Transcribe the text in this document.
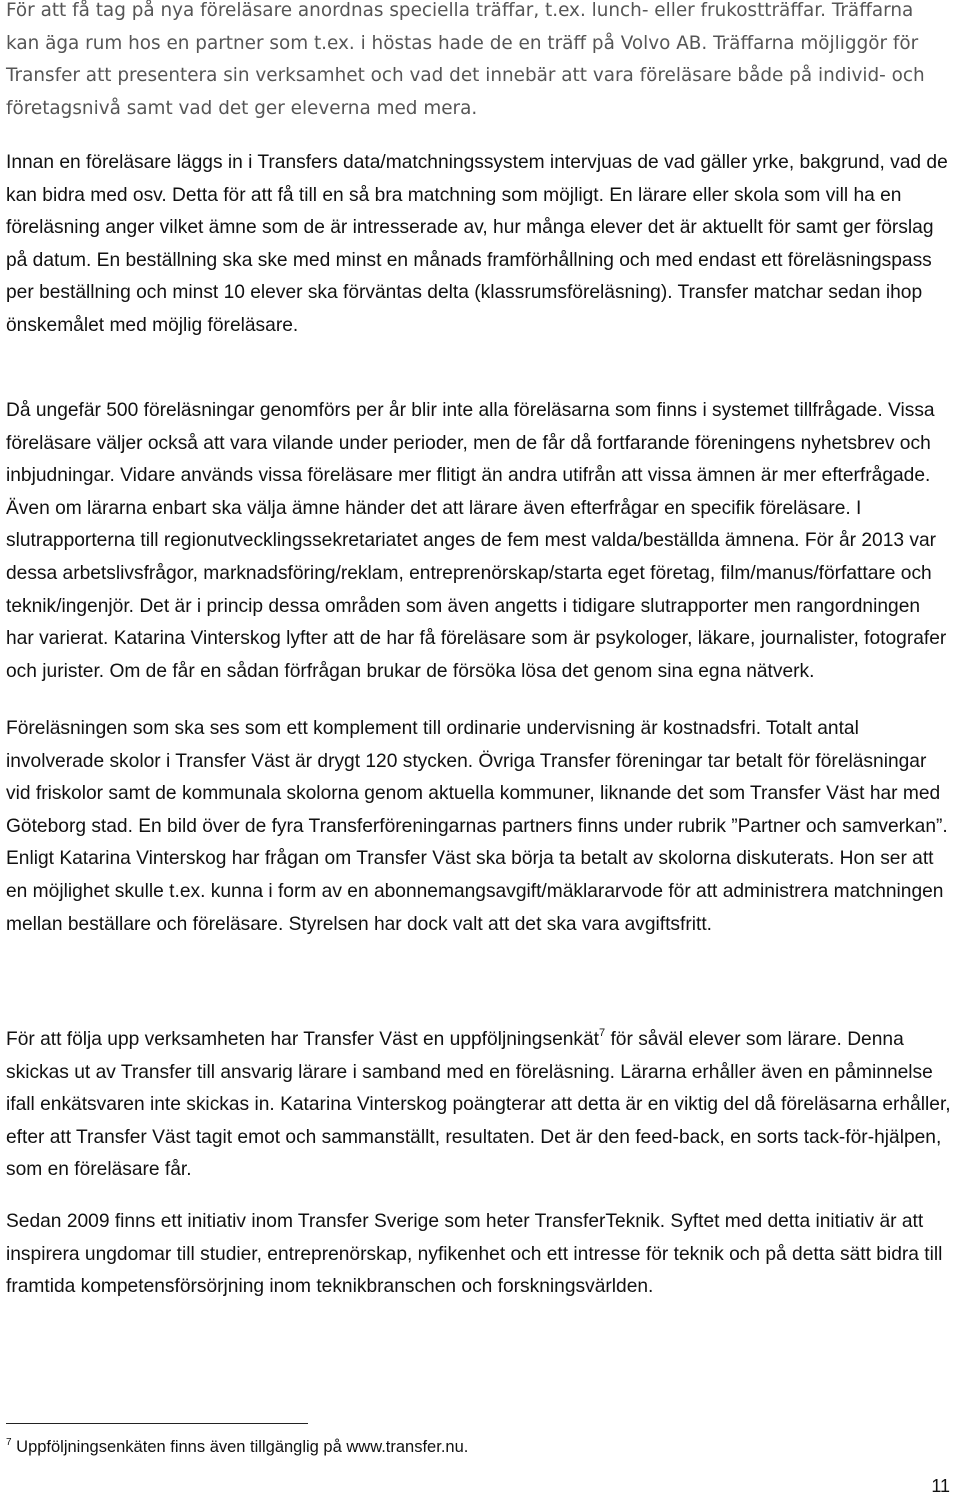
För att få tag på nya föreläsare anordnas speciella träffar, t.ex. lunch- eller frukostträffar. Träffarna kan äga rum hos en partner som t.ex. i höstas hade de en träff på Volvo AB. Träffarna möjliggör för Transfer att presentera sin verksamhet och vad det innebär att vara föreläsare både på individ- och företagsnivå samt vad det ger eleverna med mera.

Innan en föreläsare läggs in i Transfers data/matchningssystem intervjuas de vad gäller yrke, bakgrund, vad de kan bidra med osv. Detta för att få till en så bra matchning som möjligt. En lärare eller skola som vill ha en föreläsning anger vilket ämne som de är intresserade av, hur många elever det är aktuellt för samt ger förslag på datum. En beställning ska ske med minst en månads framförhållning och med endast ett föreläsningspass per beställning och minst 10 elever ska förväntas delta (klassrumsföreläsning). Transfer matchar sedan ihop önskemålet med möjlig föreläsare.

Då ungefär 500 föreläsningar genomförs per år blir inte alla föreläsarna som finns i systemet tillfrågade. Vissa föreläsare väljer också att vara vilande under perioder, men de får då fortfarande föreningens nyhetsbrev och inbjudningar. Vidare används vissa föreläsare mer flitigt än andra utifrån att vissa ämnen är mer efterfrågade. Även om lärarna enbart ska välja ämne händer det att lärare även efterfrågar en specifik föreläsare. I slutrapporterna till regionutvecklingssekretariatet anges de fem mest valda/beställda ämnena. För år 2013 var dessa arbetslivsfrågor, marknadsföring/reklam, entreprenörskap/starta eget företag, film/manus/författare och teknik/ingenjör. Det är i princip dessa områden som även angetts i tidigare slutrapporter men rangordningen har varierat. Katarina Vinterskog lyfter att de har få föreläsare som är psykologer, läkare, journalister, fotografer och jurister. Om de får en sådan förfrågan brukar de försöka lösa det genom sina egna nätverk.

Föreläsningen som ska ses som ett komplement till ordinarie undervisning är kostnadsfri. Totalt antal involverade skolor i Transfer Väst är drygt 120 stycken. Övriga Transfer föreningar tar betalt för föreläsningar vid friskolor samt de kommunala skolorna genom aktuella kommuner, liknande det som Transfer Väst har med Göteborg stad. En bild över de fyra Transferföreningarnas partners finns under rubrik ”Partner och samverkan”. Enligt Katarina Vinterskog har frågan om Transfer Väst ska börja ta betalt av skolorna diskuterats. Hon ser att en möjlighet skulle t.ex. kunna i form av en abonnemangsavgift/mäklararvode för att administrera matchningen mellan beställare och föreläsare. Styrelsen har dock valt att det ska vara avgiftsfritt.

För att följa upp verksamheten har Transfer Väst en uppföljningsenkät$^7$ för såväl elever som lärare. Denna skickas ut av Transfer till ansvarig lärare i samband med en föreläsning. Lärarna erhåller även en påminnelse ifall enkätsvaren inte skickas in. Katarina Vinterskog poängterar att detta är en viktig del då föreläsarna erhåller, efter att Transfer Väst tagit emot och sammanställt, resultaten. Det är den feed-back, en sorts tack-för-hjälpen, som en föreläsare får.

Sedan 2009 finns ett initiativ inom Transfer Sverige som heter TransferTeknik. Syftet med detta initiativ är att inspirera ungdomar till studier, entreprenörskap, nyfikenhet och ett intresse för teknik och på detta sätt bidra till framtida kompetensförsörjning inom teknikbranschen och forskningsvärlden.

$^7$ Uppföljningsenkäten finns även tillgänglig på www.transfer.nu.
11
